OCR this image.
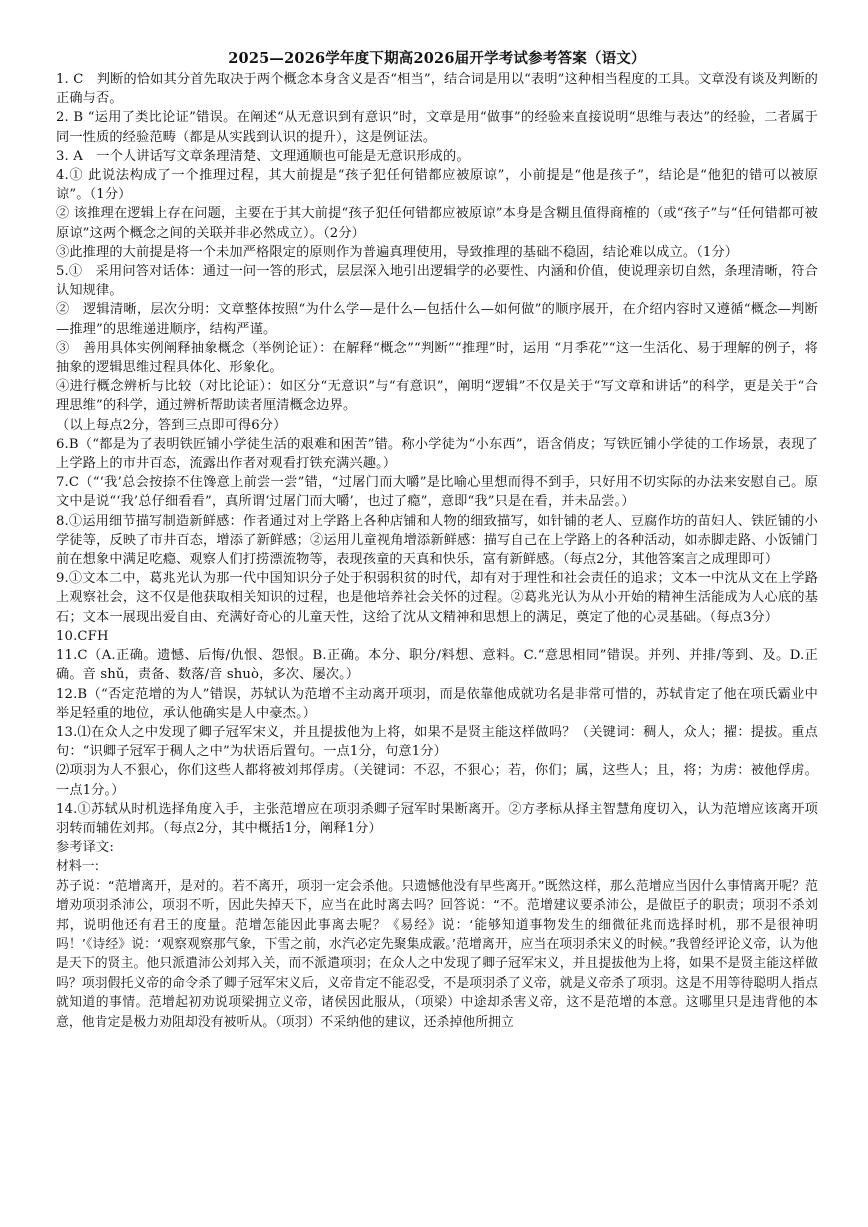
2025—2026学年度下期高2026届开学考试参考答案（语文）
1. C　判断的恰如其分首先取决于两个概念本身含义是否“相当”，结合词是用以“表明”这种相当程度的工具。文章没有谈及判断的正确与否。
2. B “运用了类比论证”错误。在阐述“从无意识到有意识”时，文章是用“做事”的经验来直接说明“思维与表达”的经验，二者属于同一性质的经验范畴（都是从实践到认识的提升），这是例证法。
3. A　一个人讲话写文章条理清楚、文理通顺也可能是无意识形成的。
4.① 此说法构成了一个推理过程，其大前提是“孩子犯任何错都应被原谅”，小前提是“他是孩子”，结论是“他犯的错可以被原谅”。（1分）
② 该推理在逻辑上存在问题，主要在于其大前提“孩子犯任何错都应被原谅”本身是含糊且值得商榷的（或“孩子”与“任何错都可被原谅”这两个概念之间的关联并非必然成立）。（2分）
③此推理的大前提是将一个未加严格限定的原则作为普遍真理使用，导致推理的基础不稳固，结论难以成立。（1分）
5.①　采用问答对话体：通过一问一答的形式，层层深入地引出逻辑学的必要性、内涵和价值，使说理亲切自然，条理清晰，符合认知规律。
②　逻辑清晰，层次分明：文章整体按照“为什么学—是什么—包括什么—如何做”的顺序展开，在介绍内容时又遵循“概念—判断—推理”的思维递进顺序，结构严谨。
③　善用具体实例阐释抽象概念（举例论证）：在解释“概念”“判断”“推理”时，运用 “月季花”“这一生活化、易于理解的例子，将抽象的逻辑思维过程具体化、形象化。
④进行概念辨析与比较（对比论证）：如区分“无意识”与“有意识”，阐明“逻辑”不仅是关于“写文章和讲话”的科学，更是关于“合理思维”的科学，通过辨析帮助读者厘清概念边界。
（以上每点2分，答到三点即可得6分）
6.B（“都是为了表明铁匠铺小学徒生活的艰难和困苦”错。称小学徒为“小东西”，语含俏皮；写铁匠铺小学徒的工作场景，表现了上学路上的市井百态，流露出作者对观看打铁充满兴趣。）
7.C（“‘我’总会按捺不住馋意上前尝一尝”错，“过屠门而大嚼”是比喻心里想而得不到手，只好用不切实际的办法来安慰自己。原文中是说“‘我’总仔细看看”，真所谓‘过屠门而大嚼’，也过了瘾”，意即“我”只是在看，并未品尝。）
8.①运用细节描写制造新鲜感：作者通过对上学路上各种店铺和人物的细致描写，如针铺的老人、豆腐作坊的苗妇人、铁匠铺的小学徒等，反映了市井百态，增添了新鲜感；②运用儿童视角增添新鲜感：描写自己在上学路上的各种活动，如赤脚走路、小饭铺门前在想象中满足吃瘾、观察人们打捞漂流物等，表现孩童的天真和快乐，富有新鲜感。（每点2分，其他答案言之成理即可）
9.①文本二中，葛兆光认为那一代中国知识分子处于积弱积贫的时代，却有对于理性和社会责任的追求；文本一中沈从文在上学路上观察社会，这不仅是他获取相关知识的过程，也是他培养社会关怀的过程。②葛兆光认为从小开始的精神生活能成为人心底的基石；文本一展现出爱自由、充满好奇心的儿童天性，这给了沈从文精神和思想上的满足，奠定了他的心灵基础。（每点3分）
10.CFH
11.C（A.正确。遗憾、后悔/仇恨、怨恨。B.正确。本分、职分/料想、意料。C.“意思相同”错误。并列、并排/等到、及。D.正确。音 shǔ，责备、数落/音 shuò，多次、屡次。）
12.B（“否定范增的为人”错误，苏轼认为范增不主动离开项羽，而是依靠他成就功名是非常可惜的，苏轼肯定了他在项氏霸业中举足轻重的地位，承认他确实是人中豪杰。）
13.⑴在众人之中发现了卿子冠军宋义，并且提拔他为上将，如果不是贤主能这样做吗？（关键词：稠人，众人；擢：提拔。重点句：“识卿子冠军于稠人之中”为状语后置句。一点1分，句意1分）
⑵项羽为人不狠心，你们这些人都将被刘邦俘虏。（关键词：不忍，不狠心；若，你们；属，这些人；且，将；为虏：被他俘虏。一点1分。）
14.①苏轼从时机选择角度入手，主张范增应在项羽杀卿子冠军时果断离开。②方孝标从择主智慧角度切入，认为范增应该离开项羽转而辅佐刘邦。（每点2分，其中概括1分，阐释1分）
参考译文:
材料一:
苏子说：“范增离开，是对的。若不离开，项羽一定会杀他。只遗憾他没有早些离开。”既然这样，那么范增应当因什么事情离开呢？范增劝项羽杀沛公，项羽不听，因此失掉天下，应当在此时离去吗？回答说：“不。范增建议要杀沛公，是做臣子的职责；项羽不杀刘邦，说明他还有君王的度量。范增怎能因此事离去呢？《易经》说：‘能够知道事物发生的细微征兆而选择时机，那不是很神明吗！’《诗经》说：‘观察观察那气象，下雪之前，水汽必定先聚集成霰。’范增离开，应当在项羽杀宋义的时候。”我曾经评论义帝，认为他是天下的贤主。他只派遣沛公刘邦入关，而不派遣项羽；在众人之中发现了卿子冠军宋义，并且提拔他为上将，如果不是贤主能这样做吗？项羽假托义帝的命令杀了卿子冠军宋义后，义帝肯定不能忍受，不是项羽杀了义帝，就是义帝杀了项羽。这是不用等待聪明人指点就知道的事情。范增起初劝说项梁拥立义帝，诸侯因此服从，（项梁）中途却杀害义帝，这不是范增的本意。这哪里只是违背他的本意，他肯定是极力劝阻却没有被听从。（项羽）不采纳他的建议，还杀掉他所拥立
